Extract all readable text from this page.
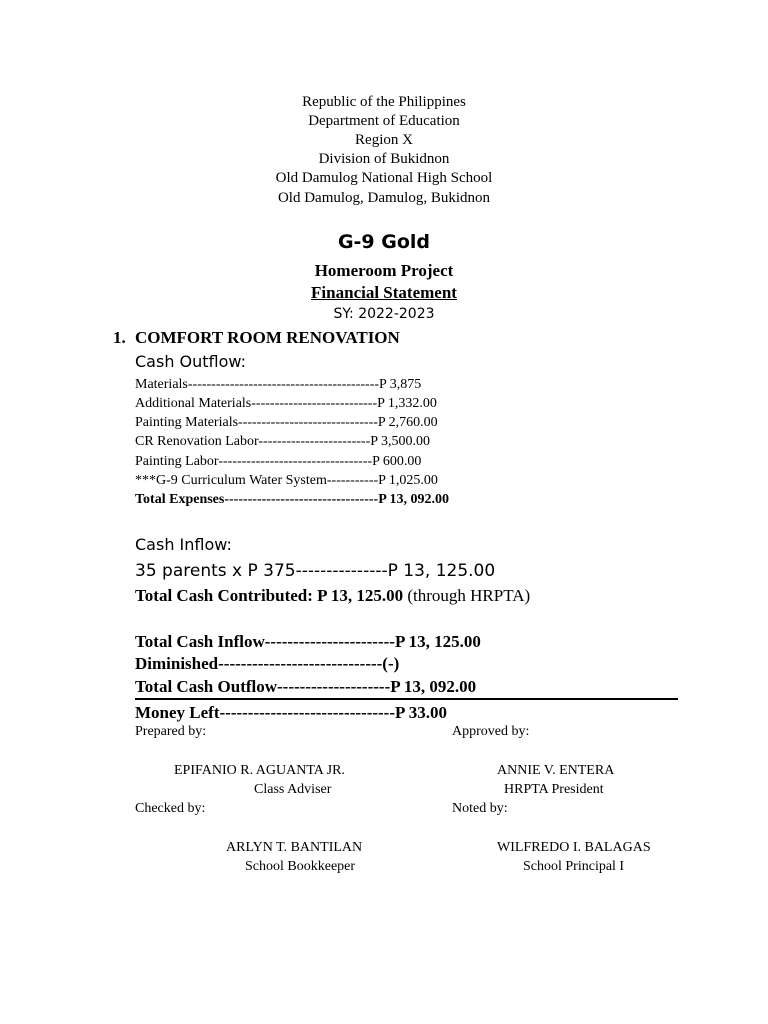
Republic of the Philippines
Department of Education
Region X
Division of Bukidnon
Old Damulog National High School
Old Damulog, Damulog, Bukidnon
G-9 Gold
Homeroom Project
Financial Statement
SY: 2022-2023
1. COMFORT ROOM RENOVATION
Cash Outflow:
Materials-----------------------------------------P 3,875
Additional Materials---------------------------P 1,332.00
Painting Materials------------------------------P 2,760.00
CR Renovation Labor------------------------P 3,500.00
Painting Labor---------------------------------P 600.00
***G-9 Curriculum Water System-----------P 1,025.00
Total Expenses---------------------------------P 13, 092.00
Cash Inflow:
35 parents x P 375---------------P 13, 125.00
Total Cash Contributed: P 13, 125.00 (through HRPTA)
Total Cash Inflow-----------------------P 13, 125.00
Diminished-----------------------------(-)
Total Cash Outflow--------------------P 13, 092.00
Money Left-------------------------------P 33.00
Prepared by:	Approved by:
EPIFANIO R. AGUANTA JR.
Class Adviser
ANNIE V. ENTERA
HRPTA President
Checked by:	Noted by:
ARLYN T. BANTILAN
School Bookkeeper
WILFREDO I. BALAGAS
School Principal I
